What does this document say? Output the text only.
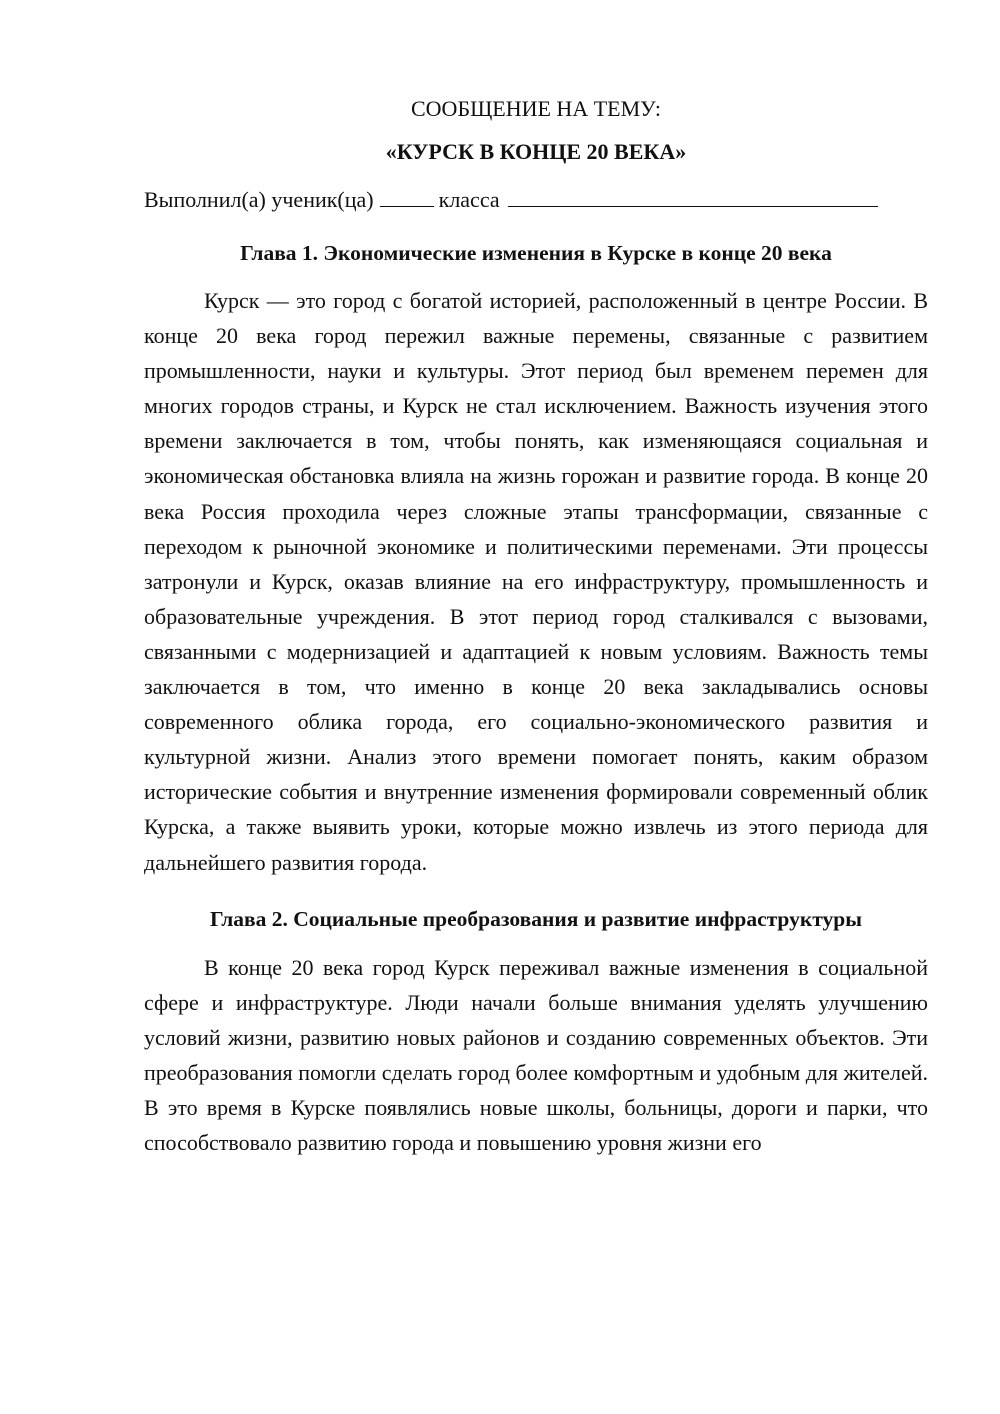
СООБЩЕНИЕ НА ТЕМУ:

«КУРСК В КОНЦЕ 20 ВЕКА»

Выполнил(а) ученик(ца)	класса
Глава 1. Экономические изменения в Курске в конце 20 века

Курск — это город с богатой историей, расположенный в центре России. В конце 20 века город пережил важные перемены, связанные с развитием промышленности, науки и культуры. Этот период был временем перемен для многих городов страны, и Курск не стал исключением. Важность изучения этого времени заключается в том, чтобы понять, как изменяющаяся социальная и экономическая обстановка влияла на жизнь горожан и развитие города. В конце 20 века Россия проходила через сложные этапы трансформации, связанные с переходом к рыночной экономике и политическими переменами. Эти процессы затронули и Курск, оказав влияние на его инфраструктуру, промышленность и образовательные учреждения. В этот период город сталкивался с вызовами, связанными с модернизацией и адаптацией к новым условиям. Важность темы заключается в том, что именно в конце 20 века закладывались основы современного облика города, его социально-экономического развития и культурной жизни. Анализ этого времени помогает понять, каким образом исторические события и внутренние изменения формировали современный облик Курска, а также выявить уроки, которые можно извлечь из этого периода для дальнейшего развития города.

Глава 2. Социальные преобразования и развитие инфраструктуры

В конце 20 века город Курск переживал важные изменения в социальной сфере и инфраструктуре. Люди начали больше внимания уделять улучшению условий жизни, развитию новых районов и созданию современных объектов. Эти преобразования помогли сделать город более комфортным и удобным для жителей. В это время в Курске появлялись новые школы, больницы, дороги и парки, что способствовало развитию города и повышению уровня жизни его
